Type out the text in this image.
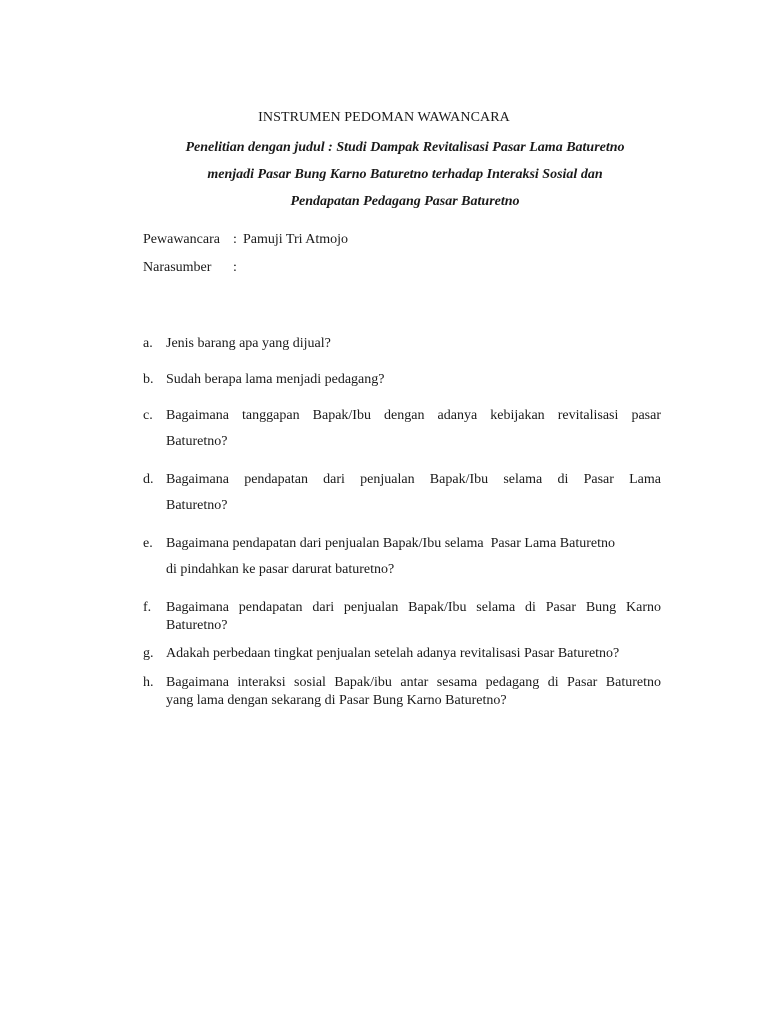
INSTRUMEN PEDOMAN WAWANCARA
Penelitian dengan judul : Studi Dampak Revitalisasi Pasar Lama Baturetno
menjadi Pasar Bung Karno Baturetno terhadap Interaksi Sosial dan
Pendapatan Pedagang Pasar Baturetno
Pewawancara : Pamuji Tri Atmojo
Narasumber :
a. Jenis barang apa yang dijual?
b. Sudah berapa lama menjadi pedagang?
c. Bagaimana tanggapan Bapak/Ibu dengan adanya kebijakan revitalisasi pasar
Baturetno?
d. Bagaimana pendapatan dari penjualan Bapak/Ibu selama di Pasar Lama
Baturetno?
e. Bagaimana pendapatan dari penjualan Bapak/Ibu selama  Pasar Lama Baturetno
di pindahkan ke pasar darurat baturetno?
f. Bagaimana pendapatan dari penjualan Bapak/Ibu selama di Pasar Bung Karno
Baturetno?
g. Adakah perbedaan tingkat penjualan setelah adanya revitalisasi Pasar Baturetno?
h. Bagaimana interaksi sosial Bapak/ibu antar sesama pedagang di Pasar Baturetno
yang lama dengan sekarang di Pasar Bung Karno Baturetno?
